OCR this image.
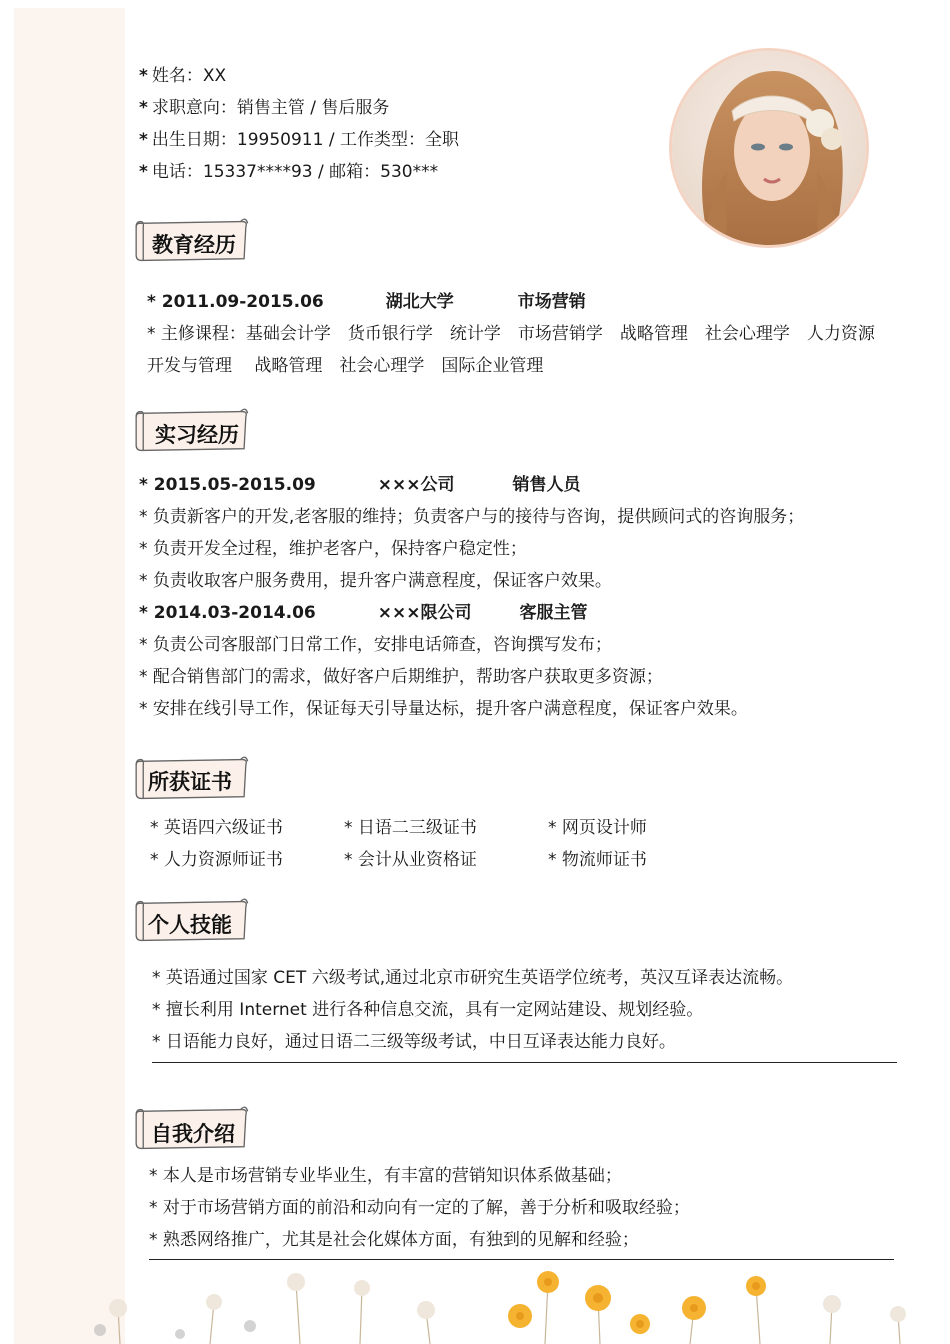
* 姓名：XX
* 求职意向：销售主管 / 售后服务
* 出生日期：19950911 / 工作类型：全职
* 电话：15337****93 / 邮箱：530***
教育经历
* 2011.09-2015.06	湖北大学	市场营销
* 主修课程：基础会计学　货币银行学　统计学　市场营销学　战略管理　社会心理学　人力资源
开发与管理　 战略管理　社会心理学　国际企业管理
实习经历
* 2015.05-2015.09	×××公司	销售人员
* 负责新客户的开发,老客服的维持；负责客户与的接待与咨询，提供顾问式的咨询服务；
* 负责开发全过程，维护老客户，保持客户稳定性；
* 负责收取客户服务费用，提升客户满意程度，保证客户效果。
* 2014.03-2014.06	×××限公司	客服主管
* 负责公司客服部门日常工作，安排电话筛查，咨询撰写发布；
* 配合销售部门的需求，做好客户后期维护，帮助客户获取更多资源；
* 安排在线引导工作，保证每天引导量达标，提升客户满意程度，保证客户效果。
所获证书
* 英语四六级证书	* 日语二三级证书	* 网页设计师
* 人力资源师证书	* 会计从业资格证	* 物流师证书
个人技能
* 英语通过国家 CET 六级考试,通过北京市研究生英语学位统考，英汉互译表达流畅。
* 擅长利用 Internet 进行各种信息交流，具有一定网站建设、规划经验。
* 日语能力良好，通过日语二三级等级考试，中日互译表达能力良好。
自我介绍
* 本人是市场营销专业毕业生，有丰富的营销知识体系做基础；
* 对于市场营销方面的前沿和动向有一定的了解，善于分析和吸取经验；
* 熟悉网络推广，尤其是社会化媒体方面，有独到的见解和经验；
